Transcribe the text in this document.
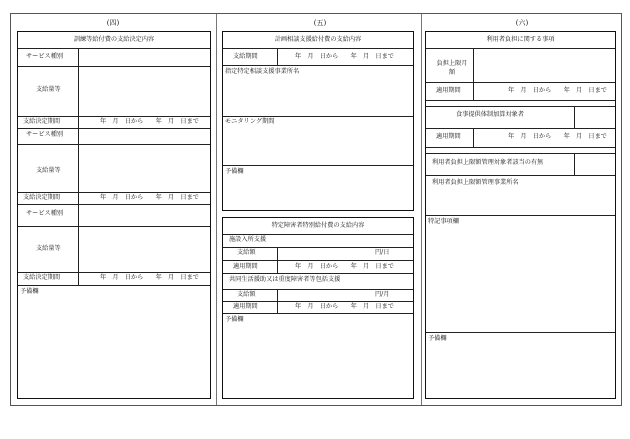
(四)	(五)	(六)
訓練等給付費の支給決定内容
サービス種別
支給量等
支給決定期間	年　月　日から　　年　月　日まで
サービス種別
支給量等
支給決定期間	年　月　日から　　年　月　日まで
サービス種別
支給量等
支給決定期間	年　月　日から　　年　月　日まで
予備欄
計画相談支援給付費の支給内容
支給期間	年　月　日から　　年　月　日まで
指定特定相談支援事業所名
モニタリング期間
予備欄
特定障害者特別給付費の支給内容
施設入所支援
支給額	円/日
適用期間	年　月　日から　　年　月　日まで
共同生活援助又は重度障害者等包括支援
支給額	円/月
適用期間	年　月　日から　　年　月　日まで
予備欄
利用者負担に関する事項
負担上限月額
適用期間	年　月　日から　　年　月　日まで
食事提供体制加算対象者
適用期間	年　月　日から　　年　月　日まで
利用者負担上限額管理対象者該当の有無
利用者負担上限額管理事業所名
特記事項欄
予備欄
